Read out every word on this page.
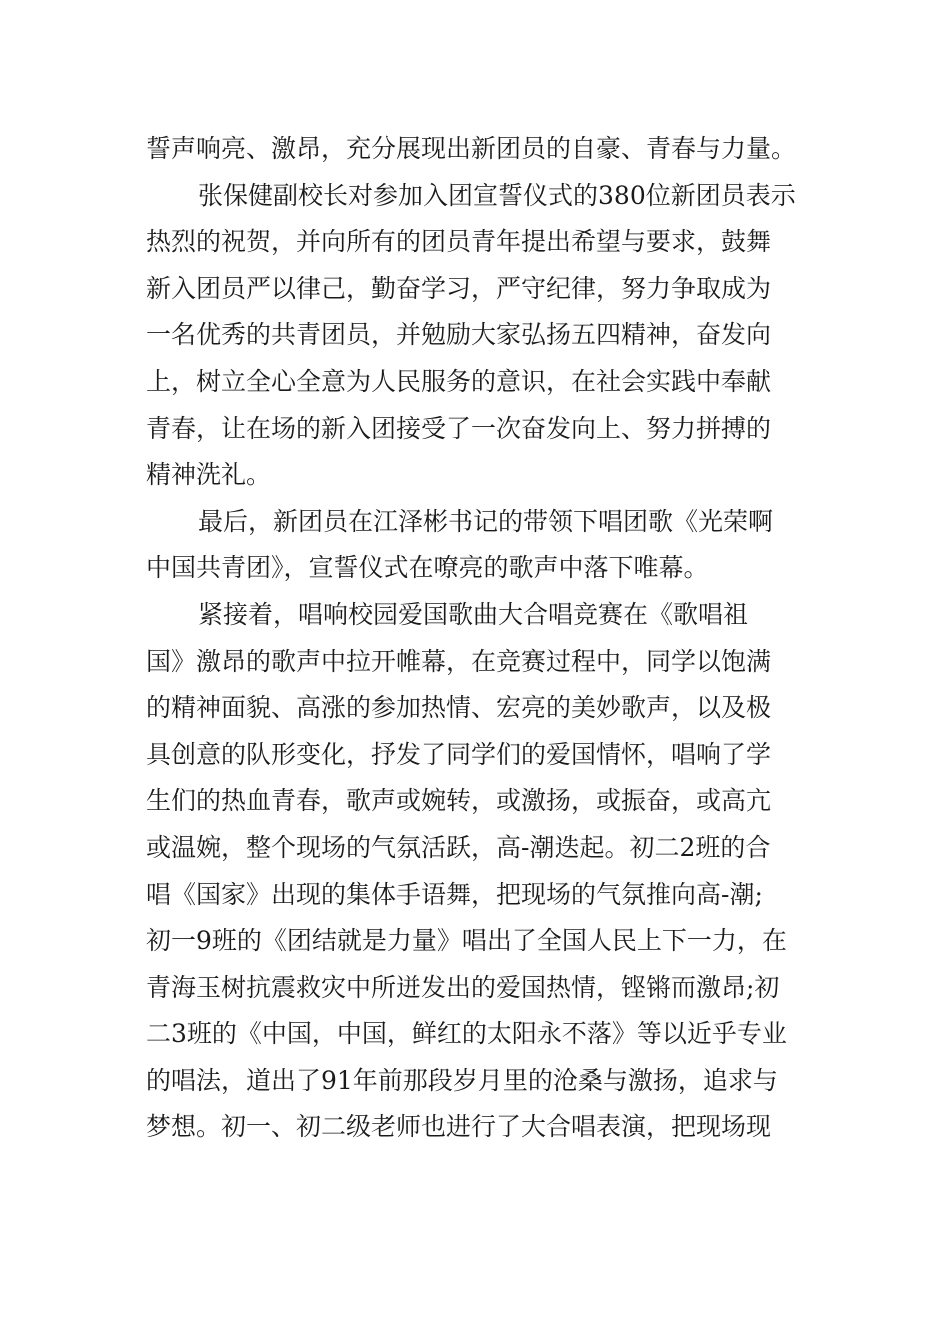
誓声响亮、激昂，充分展现出新团员的自豪、青春与力量。
张保健副校长对参加入团宣誓仪式的380位新团员表示
热烈的祝贺，并向所有的团员青年提出希望与要求，鼓舞
新入团员严以律己，勤奋学习，严守纪律，努力争取成为
一名优秀的共青团员，并勉励大家弘扬五四精神，奋发向
上，树立全心全意为人民服务的意识，在社会实践中奉献
青春，让在场的新入团接受了一次奋发向上、努力拼搏的
精神洗礼。
最后，新团员在江泽彬书记的带领下唱团歌《光荣啊
中国共青团》，宣誓仪式在嘹亮的歌声中落下唯幕。
紧接着，唱响校园爱国歌曲大合唱竞赛在《歌唱祖
国》激昂的歌声中拉开帷幕，在竞赛过程中，同学以饱满
的精神面貌、高涨的参加热情、宏亮的美妙歌声，以及极
具创意的队形变化，抒发了同学们的爱国情怀，唱响了学
生们的热血青春，歌声或婉转，或激扬，或振奋，或高亢
或温婉，整个现场的气氛活跃，高-潮迭起。初二2班的合
唱《国家》出现的集体手语舞，把现场的气氛推向高-潮;
初一9班的《团结就是力量》唱出了全国人民上下一力，在
青海玉树抗震救灾中所迸发出的爱国热情，铿锵而激昂;初
二3班的《中国，中国，鲜红的太阳永不落》等以近乎专业
的唱法，道出了91年前那段岁月里的沧桑与激扬，追求与
梦想。初一、初二级老师也进行了大合唱表演，把现场现
